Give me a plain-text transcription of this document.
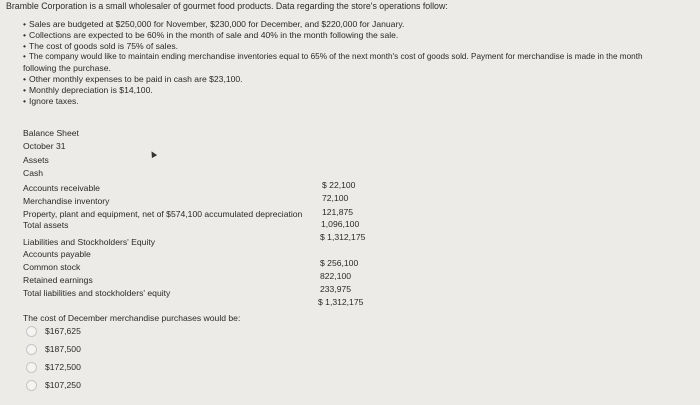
Bramble Corporation is a small wholesaler of gourmet food products. Data regarding the store's operations follow:
• Sales are budgeted at $250,000 for November, $230,000 for December, and $220,000 for January.
• Collections are expected to be 60% in the month of sale and 40% in the month following the sale.
• The cost of goods sold is 75% of sales.
• The company would like to maintain ending merchandise inventories equal to 65% of the next month's cost of goods sold. Payment for merchandise is made in the month
following the purchase.
• Other monthly expenses to be paid in cash are $23,100.
• Monthly depreciation is $14,100.
• Ignore taxes.
Balance Sheet
October 31
Assets
Cash
$ 22,100
Accounts receivable
72,100
Merchandise inventory
121,875
Property, plant and equipment, net of $574,100 accumulated depreciation
1,096,100
Total assets
$ 1,312,175
Liabilities and Stockholders' Equity
Accounts payable
$ 256,100
Common stock
822,100
Retained earnings
233,975
Total liabilities and stockholders' equity
$ 1,312,175
The cost of December merchandise purchases would be:
$167,625
$187,500
$172,500
$107,250
